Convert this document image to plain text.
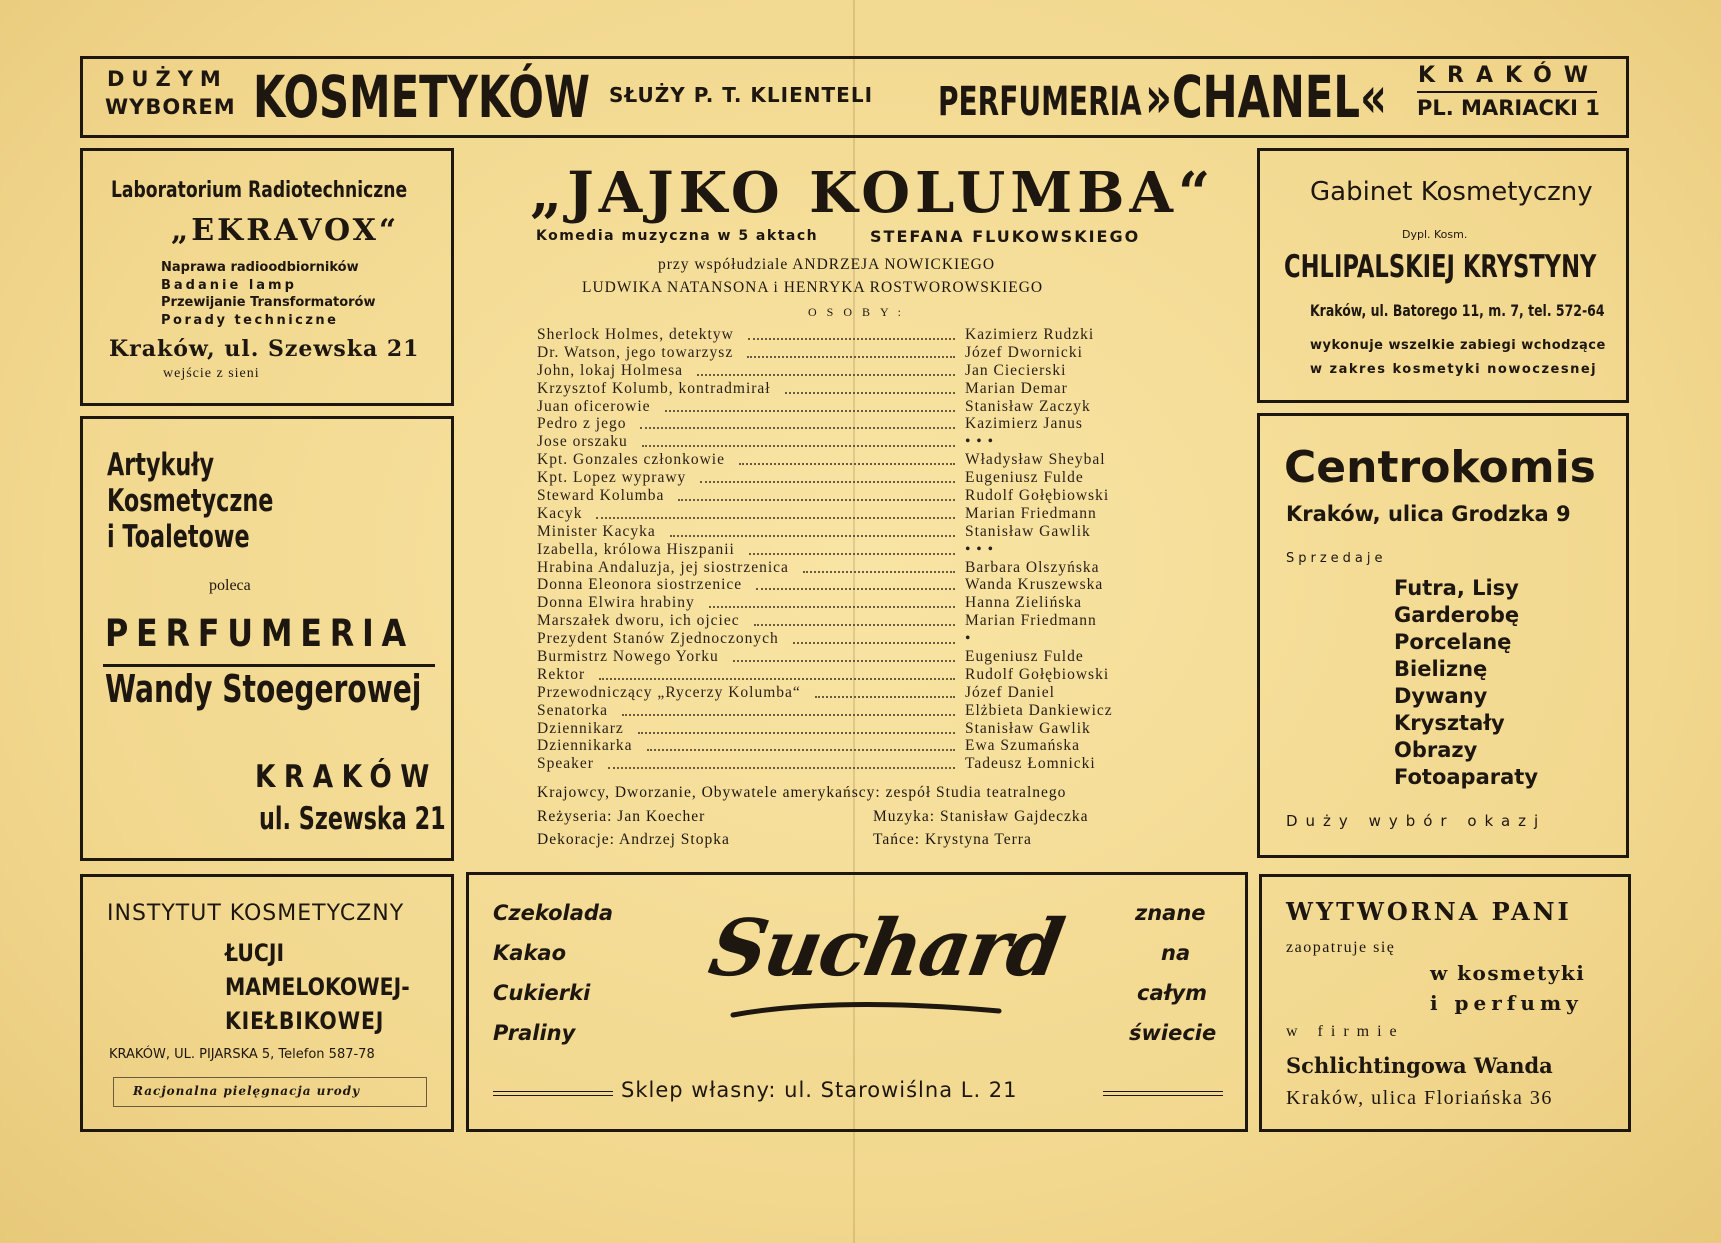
DUŻYM
WYBOREM KOSMETYKÓW SŁUŻY P. T. KLIENTELI PERFUMERIA »CHANEL« KRAKÓW
PL. MARIACKI 1
Laboratorium Radiotechniczne
„EKRAVOX“
Naprawa radioodbiorników
Badanie lamp
Przewijanie Transformatorów
Porady techniczne
Kraków, ul. Szewska 21
wejście z sieni
Artykuły
Kosmetyczne
i Toaletowe
poleca
PERFUMERIA
Wandy Stoegerowej
KRAKÓW
ul. Szewska 21
„JAJKO KOLUMBA“
Komedia muzyczna w 5 aktach	STEFANA FLUKOWSKIEGO
przy współudziale ANDRZEJA NOWICKIEGO
LUDWIKA NATANSONA i HENRYKA ROSTWOROWSKIEGO
OSOBY:
Sherlock Holmes, detektyw	Kazimierz Rudzki
Dr. Watson, jego towarzysz	Józef Dwornicki
John, lokaj Holmesa	Jan Ciecierski
Krzysztof Kolumb, kontradmirał	Marian Demar
Juan oficerowie	Stanisław Zaczyk
Pedro z jego	Kazimierz Janus
Jose orszaku	• • •
Kpt. Gonzales członkowie	Władysław Sheybal
Kpt. Lopez wyprawy	Eugeniusz Fulde
Steward Kolumba	Rudolf Gołębiowski
Kacyk	Marian Friedmann
Minister Kacyka	Stanisław Gawlik
Izabella, królowa Hiszpanii	• • •
Hrabina Andaluzja, jej siostrzenica	Barbara Olszyńska
Donna Eleonora siostrzenice	Wanda Kruszewska
Donna Elwira hrabiny	Hanna Zielińska
Marszałek dworu, ich ojciec	Marian Friedmann
Prezydent Stanów Zjednoczonych	•
Burmistrz Nowego Yorku	Eugeniusz Fulde
Rektor	Rudolf Gołębiowski
Przewodniczący „Rycerzy Kolumba“	Józef Daniel
Senatorka	Elżbieta Dankiewicz
Dziennikarz	Stanisław Gawlik
Dziennikarka	Ewa Szumańska
Speaker	Tadeusz Łomnicki
Krajowcy, Dworzanie, Obywatele amerykańscy: zespół Studia teatralnego
Reżyseria: Jan Koecher	Muzyka: Stanisław Gajdeczka
Dekoracje: Andrzej Stopka	Tańce: Krystyna Terra
Gabinet Kosmetyczny
Dypl. Kosm.
CHLIPALSKIEJ KRYSTYNY
Kraków, ul. Batorego 11, m. 7, tel. 572-64
wykonuje wszelkie zabiegi wchodzące
w zakres kosmetyki nowoczesnej
Centrokomis
Kraków, ulica Grodzka 9
Sprzedaje
Futra, Lisy
Garderobę
Porcelanę
Bieliznę
Dywany
Kryształy
Obrazy
Fotoaparaty
Duży wybór okazj
INSTYTUT KOSMETYCZNY
ŁUCJI
MAMELOKOWEJ-
KIEŁBIKOWEJ
KRAKÓW, UL. PIJARSKA 5, Telefon 587-78
Racjonalna pielęgnacja urody
Czekolada
Kakao
Cukierki
Praliny
Suchard	znane
na
całym
świecie
Sklep własny: ul. Starowiślna L. 21
WYTWORNA PANI
zaopatruje się
w kosmetyki
i perfumy
w firmie
Schlichtingowa Wanda
Kraków, ulica Floriańska 36
